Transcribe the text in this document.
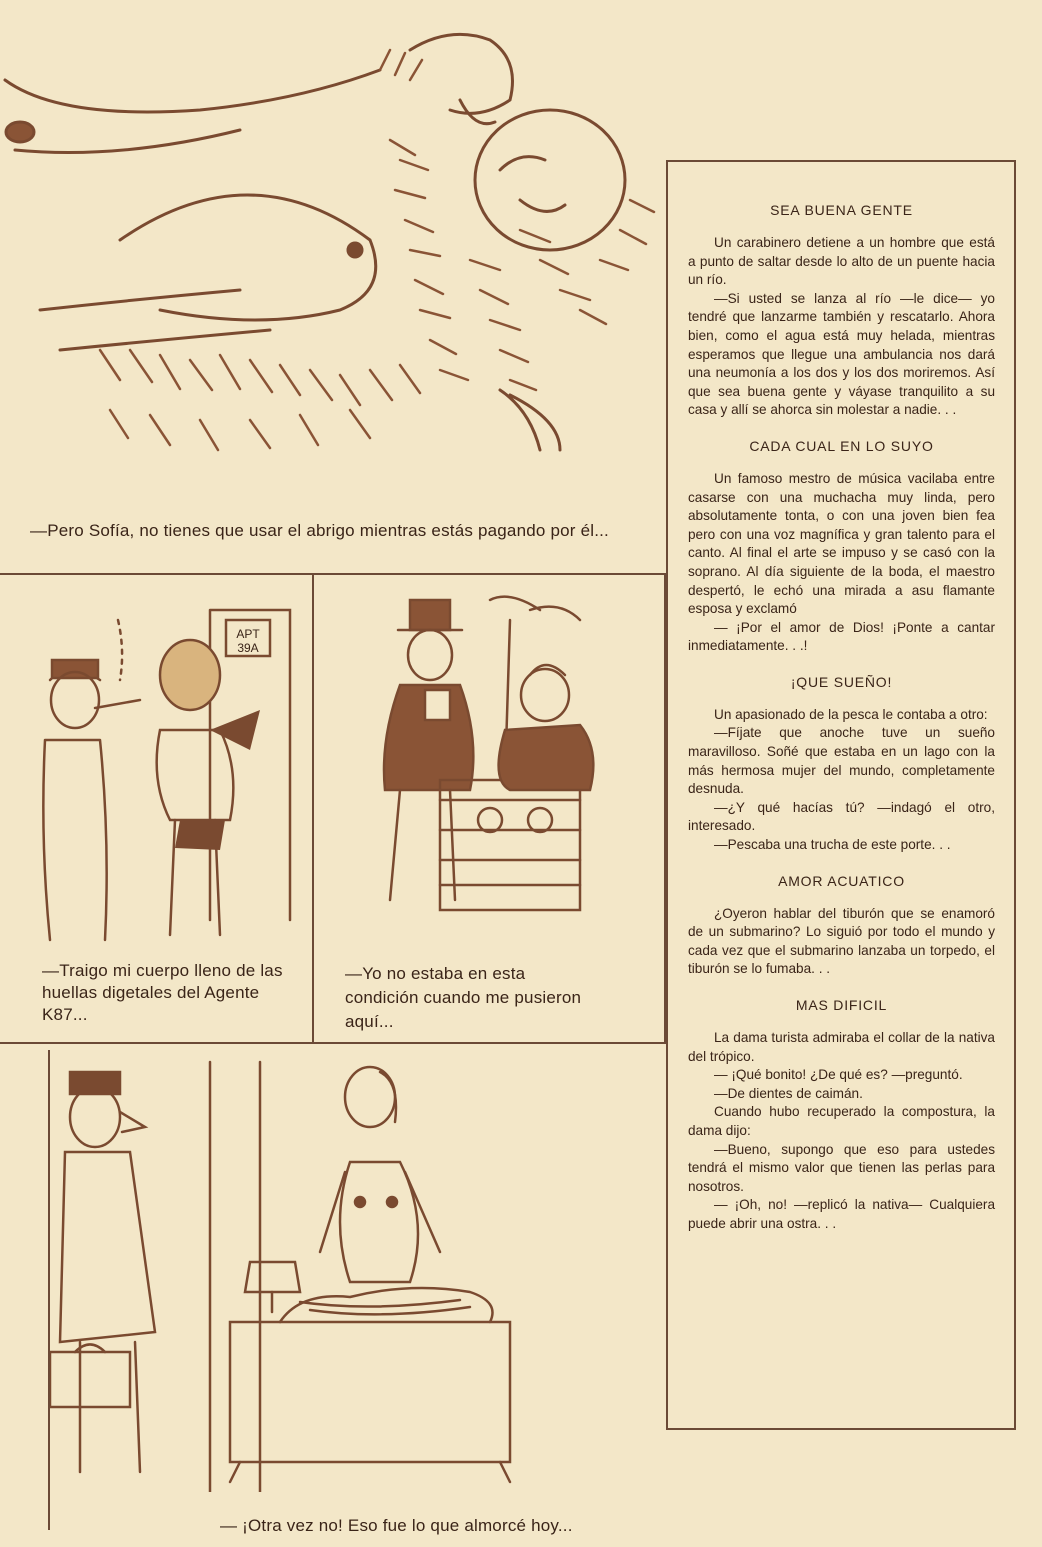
—Pero Sofía, no tienes que usar el abrigo mientras estás pagando por él...
APT 39A
—Traigo mi cuerpo lleno de las huellas digetales del Agente K87...
—Yo no estaba en esta condición cuando me pusieron aquí...
— ¡Otra vez no! Eso fue lo que almorcé hoy...
SEA BUENA GENTE

Un carabinero detiene a un hombre que está a punto de saltar desde lo alto de un puente hacia un río.

—Si usted se lanza al río —le dice— yo tendré que lanzarme también y rescatarlo. Ahora bien, como el agua está muy helada, mientras esperamos que llegue una ambulancia nos dará una neumonía a los dos y los dos moriremos. Así que sea buena gente y váyase tranquilito a su casa y allí se ahorca sin molestar a nadie. . .

CADA CUAL EN LO SUYO

Un famoso mestro de música vacilaba entre casarse con una muchacha muy linda, pero absolutamente tonta, o con una joven bien fea pero con una voz magnífica y gran talento para el canto. Al final el arte se impuso y se casó con la soprano. Al día siguiente de la boda, el maestro despertó, le echó una mirada a asu flamante esposa y exclamó

— ¡Por el amor de Dios! ¡Ponte a cantar inmediatamente. . .!

¡QUE SUEÑO!

Un apasionado de la pesca le contaba a otro:

—Fíjate que anoche tuve un sueño maravilloso. Soñé que estaba en un lago con la más hermosa mujer del mundo, completamente desnuda.

—¿Y qué hacías tú? —indagó el otro, interesado.

—Pescaba una trucha de este porte. . .

AMOR ACUATICO

¿Oyeron hablar del tiburón que se enamoró de un submarino? Lo siguió por todo el mundo y cada vez que el submarino lanzaba un torpedo, el tiburón se lo fumaba. . .

MAS DIFICIL

La dama turista admiraba el collar de la nativa del trópico.

— ¡Qué bonito! ¿De qué es? —preguntó.

—De dientes de caimán.

Cuando hubo recuperado la compostura, la dama dijo:

—Bueno, supongo que eso para ustedes tendrá el mismo valor que tienen las perlas para nosotros.

— ¡Oh, no! —replicó la nativa— Cualquiera puede abrir una ostra. . .
